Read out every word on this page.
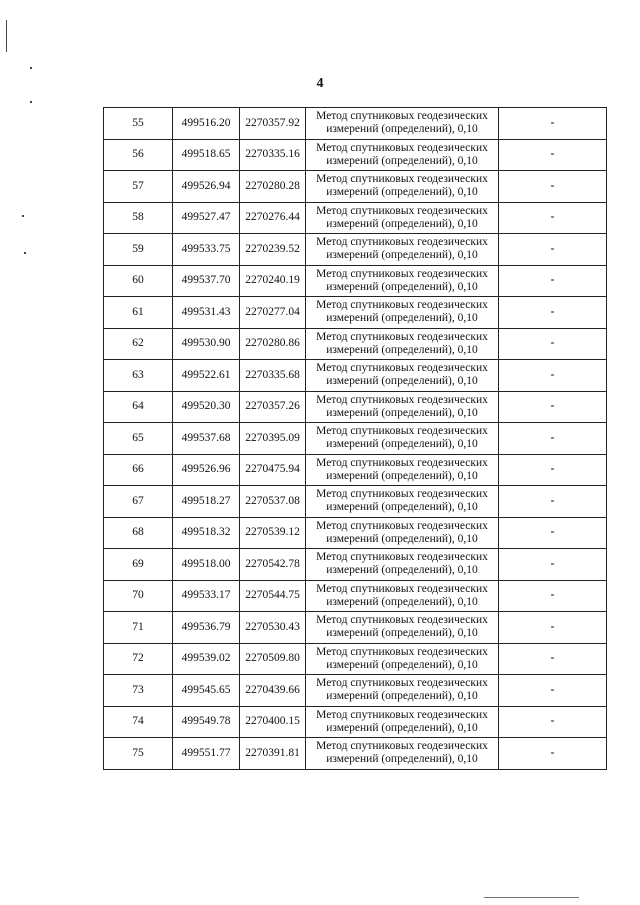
4
55	499516.20	2270357.92	Метод спутниковых геодезических
измерений (определений), 0,10	-
56	499518.65	2270335.16	Метод спутниковых геодезических
измерений (определений), 0,10	-
57	499526.94	2270280.28	Метод спутниковых геодезических
измерений (определений), 0,10	-
58	499527.47	2270276.44	Метод спутниковых геодезических
измерений (определений), 0,10	-
59	499533.75	2270239.52	Метод спутниковых геодезических
измерений (определений), 0,10	-
60	499537.70	2270240.19	Метод спутниковых геодезических
измерений (определений), 0,10	-
61	499531.43	2270277.04	Метод спутниковых геодезических
измерений (определений), 0,10	-
62	499530.90	2270280.86	Метод спутниковых геодезических
измерений (определений), 0,10	-
63	499522.61	2270335.68	Метод спутниковых геодезических
измерений (определений), 0,10	-
64	499520.30	2270357.26	Метод спутниковых геодезических
измерений (определений), 0,10	-
65	499537.68	2270395.09	Метод спутниковых геодезических
измерений (определений), 0,10	-
66	499526.96	2270475.94	Метод спутниковых геодезических
измерений (определений), 0,10	-
67	499518.27	2270537.08	Метод спутниковых геодезических
измерений (определений), 0,10	-
68	499518.32	2270539.12	Метод спутниковых геодезических
измерений (определений), 0,10	-
69	499518.00	2270542.78	Метод спутниковых геодезических
измерений (определений), 0,10	-
70	499533.17	2270544.75	Метод спутниковых геодезических
измерений (определений), 0,10	-
71	499536.79	2270530.43	Метод спутниковых геодезических
измерений (определений), 0,10	-
72	499539.02	2270509.80	Метод спутниковых геодезических
измерений (определений), 0,10	-
73	499545.65	2270439.66	Метод спутниковых геодезических
измерений (определений), 0,10	-
74	499549.78	2270400.15	Метод спутниковых геодезических
измерений (определений), 0,10	-
75	499551.77	2270391.81	Метод спутниковых геодезических
измерений (определений), 0,10	-
